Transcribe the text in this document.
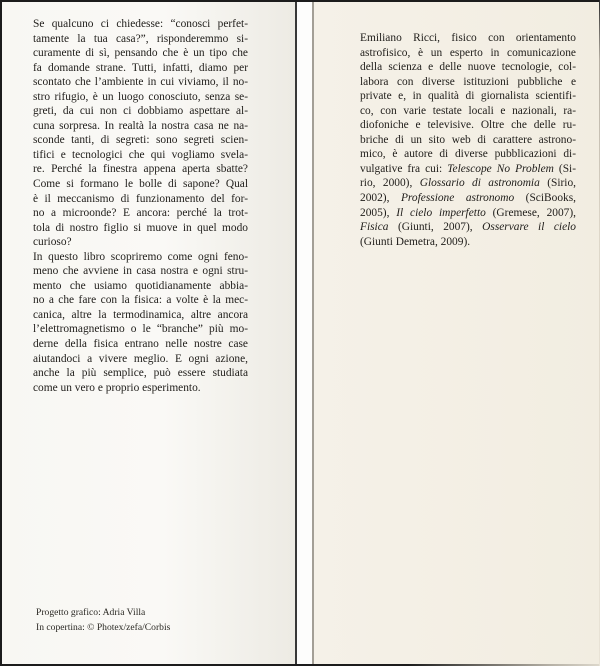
Se qualcuno ci chiedesse: “conosci perfet-
tamente la tua casa?”, risponderemmo si-
curamente di sì, pensando che è un tipo che
fa domande strane. Tutti, infatti, diamo per
scontato che l’ambiente in cui viviamo, il no-
stro rifugio, è un luogo conosciuto, senza se-
greti, da cui non ci dobbiamo aspettare al-
cuna sorpresa. In realtà la nostra casa ne na-
sconde tanti, di segreti: sono segreti scien-
tifici e tecnologici che qui vogliamo svela-
re. Perché la finestra appena aperta sbatte?
Come si formano le bolle di sapone? Qual
è il meccanismo di funzionamento del for-
no a microonde? E ancora: perché la trot-
tola di nostro figlio si muove in quel modo
curioso?
In questo libro scopriremo come ogni feno-
meno che avviene in casa nostra e ogni stru-
mento che usiamo quotidianamente abbia-
no a che fare con la fisica: a volte è la mec-
canica, altre la termodinamica, altre ancora
l’elettromagnetismo o le “branche” più mo-
derne della fisica entrano nelle nostre case
aiutandoci a vivere meglio. E ogni azione,
anche la più semplice, può essere studiata
come un vero e proprio esperimento.
Emiliano Ricci, fisico con orientamento
astrofisico, è un esperto in comunicazione
della scienza e delle nuove tecnologie, col-
labora con diverse istituzioni pubbliche e
private e, in qualità di giornalista scientifi-
co, con varie testate locali e nazionali, ra-
diofoniche e televisive. Oltre che delle ru-
briche di un sito web di carattere astrono-
mico, è autore di diverse pubblicazioni di-
vulgative fra cui: Telescope No Problem (Si-
rio, 2000), Glossario di astronomia (Sirio,
2002), Professione astronomo (SciBooks,
2005), Il cielo imperfetto (Gremese, 2007),
Fisica (Giunti, 2007), Osservare il cielo
(Giunti Demetra, 2009).
Progetto grafico: Adria Villa
In copertina: © Photex/zefa/Corbis
